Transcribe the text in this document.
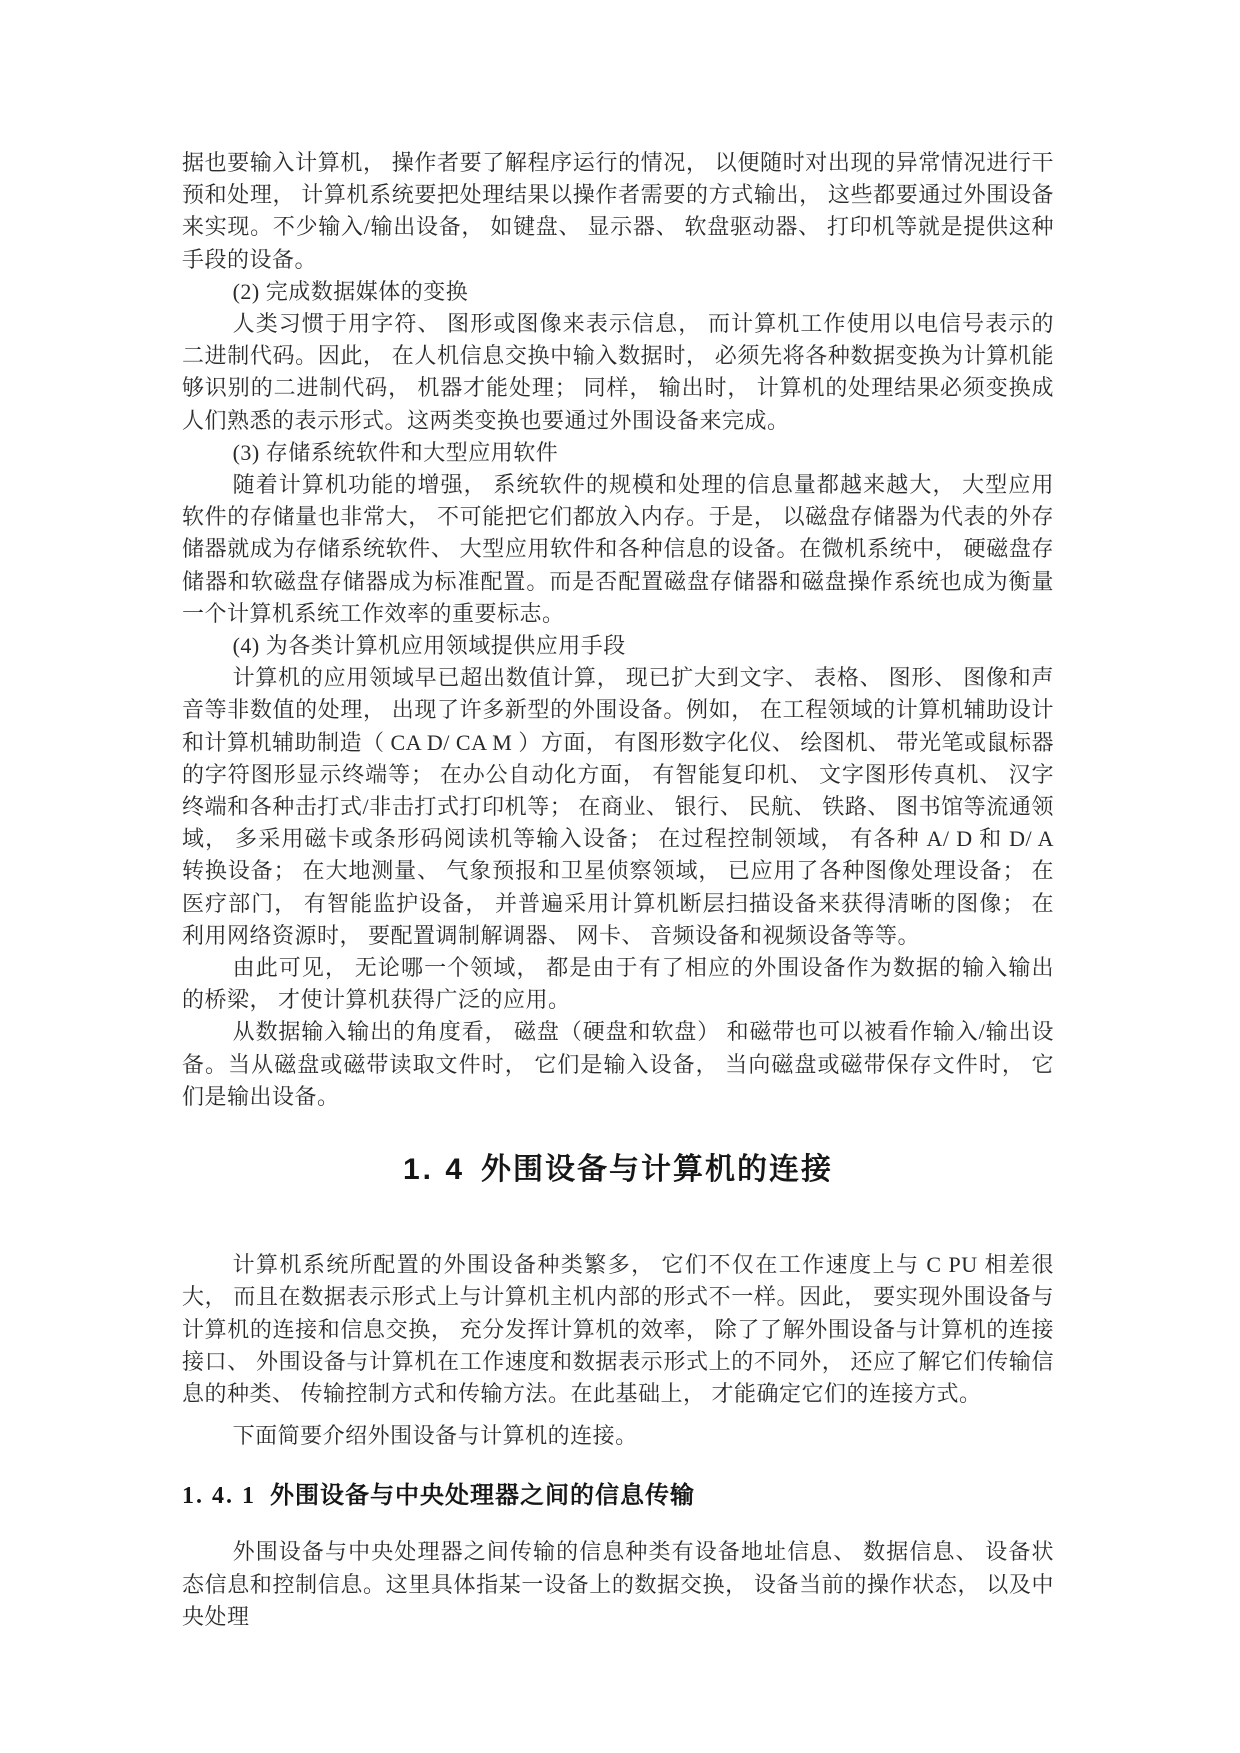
据也要输入计算机， 操作者要了解程序运行的情况， 以便随时对出现的异常情况进行干预和处理， 计算机系统要把处理结果以操作者需要的方式输出， 这些都要通过外围设备来实现。不少输入/输出设备， 如键盘、 显示器、 软盘驱动器、 打印机等就是提供这种手段的设备。

(2) 完成数据媒体的变换

人类习惯于用字符、 图形或图像来表示信息， 而计算机工作使用以电信号表示的二进制代码。因此， 在人机信息交换中输入数据时， 必须先将各种数据变换为计算机能够识别的二进制代码， 机器才能处理； 同样， 输出时， 计算机的处理结果必须变换成人们熟悉的表示形式。这两类变换也要通过外围设备来完成。

(3) 存储系统软件和大型应用软件

随着计算机功能的增强， 系统软件的规模和处理的信息量都越来越大， 大型应用软件的存储量也非常大， 不可能把它们都放入内存。于是， 以磁盘存储器为代表的外存储器就成为存储系统软件、 大型应用软件和各种信息的设备。在微机系统中， 硬磁盘存储器和软磁盘存储器成为标准配置。而是否配置磁盘存储器和磁盘操作系统也成为衡量一个计算机系统工作效率的重要标志。

(4) 为各类计算机应用领域提供应用手段

计算机的应用领域早已超出数值计算， 现已扩大到文字、 表格、 图形、 图像和声音等非数值的处理， 出现了许多新型的外围设备。例如， 在工程领域的计算机辅助设计和计算机辅助制造（ CA D/ CA M ）方面， 有图形数字化仪、 绘图机、 带光笔或鼠标器的字符图形显示终端等； 在办公自动化方面， 有智能复印机、 文字图形传真机、 汉字终端和各种击打式/非击打式打印机等； 在商业、 银行、 民航、 铁路、 图书馆等流通领域， 多采用磁卡或条形码阅读机等输入设备； 在过程控制领域， 有各种 A/ D 和 D/ A 转换设备； 在大地测量、 气象预报和卫星侦察领域， 已应用了各种图像处理设备； 在医疗部门， 有智能监护设备， 并普遍采用计算机断层扫描设备来获得清晰的图像； 在利用网络资源时， 要配置调制解调器、 网卡、 音频设备和视频设备等等。

由此可见， 无论哪一个领域， 都是由于有了相应的外围设备作为数据的输入输出的桥梁， 才使计算机获得广泛的应用。

从数据输入输出的角度看， 磁盘（硬盘和软盘） 和磁带也可以被看作输入/输出设备。当从磁盘或磁带读取文件时， 它们是输入设备， 当向磁盘或磁带保存文件时， 它们是输出设备。

1. 4 外围设备与计算机的连接

计算机系统所配置的外围设备种类繁多， 它们不仅在工作速度上与 C PU 相差很大， 而且在数据表示形式上与计算机主机内部的形式不一样。因此， 要实现外围设备与计算机的连接和信息交换， 充分发挥计算机的效率， 除了了解外围设备与计算机的连接接口、 外围设备与计算机在工作速度和数据表示形式上的不同外， 还应了解它们传输信息的种类、 传输控制方式和传输方法。在此基础上， 才能确定它们的连接方式。

下面简要介绍外围设备与计算机的连接。

1. 4. 1 外围设备与中央处理器之间的信息传输

外围设备与中央处理器之间传输的信息种类有设备地址信息、 数据信息、 设备状态信息和控制信息。这里具体指某一设备上的数据交换， 设备当前的操作状态， 以及中央处理
